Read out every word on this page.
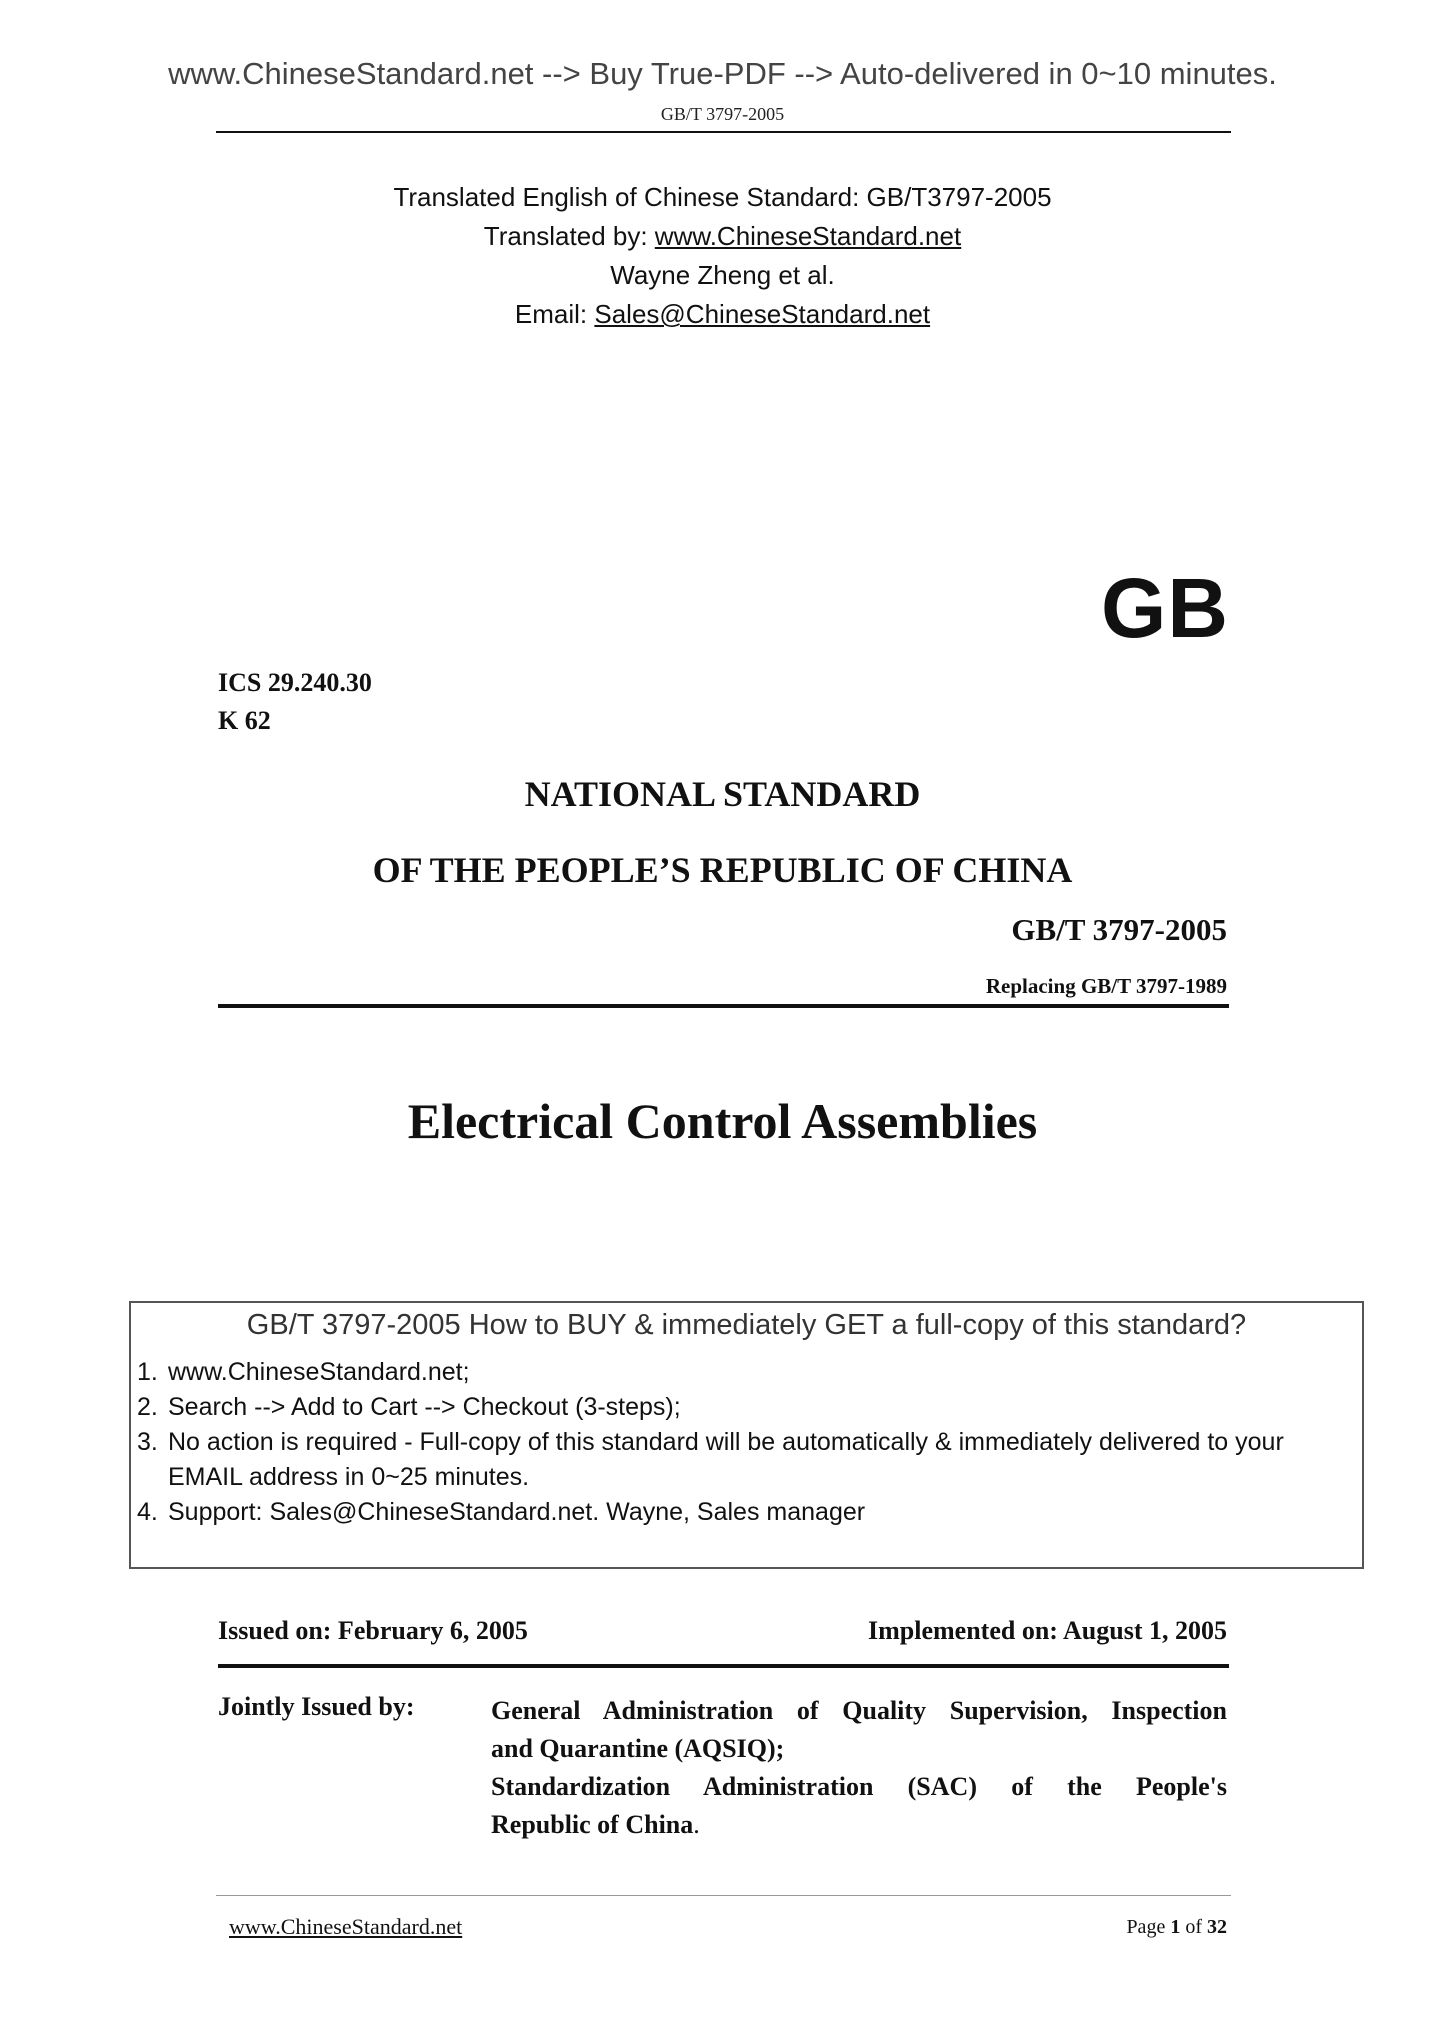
www.ChineseStandard.net --> Buy True-PDF --> Auto-delivered in 0~10 minutes.
GB/T 3797-2005
Translated English of Chinese Standard: GB/T3797-2005
Translated by: www.ChineseStandard.net
Wayne Zheng et al.
Email: Sales@ChineseStandard.net
GB
ICS 29.240.30
K 62
NATIONAL STANDARD
OF THE PEOPLE’S REPUBLIC OF CHINA
GB/T 3797-2005
Replacing GB/T 3797-1989
Electrical Control Assemblies
GB/T 3797-2005 How to BUY & immediately GET a full-copy of this standard?
1. www.ChineseStandard.net;
2. Search --> Add to Cart --> Checkout (3-steps);
3. No action is required - Full-copy of this standard will be automatically & immediately delivered to your EMAIL address in 0~25 minutes.
4. Support: Sales@ChineseStandard.net. Wayne, Sales manager
Issued on: February 6, 2005	Implemented on: August 1, 2005
Jointly Issued by:	General Administration of Quality Supervision, Inspection
and Quarantine (AQSIQ);
Standardization Administration (SAC) of the People's
Republic of China.
www.ChineseStandard.net	Page 1 of 32
